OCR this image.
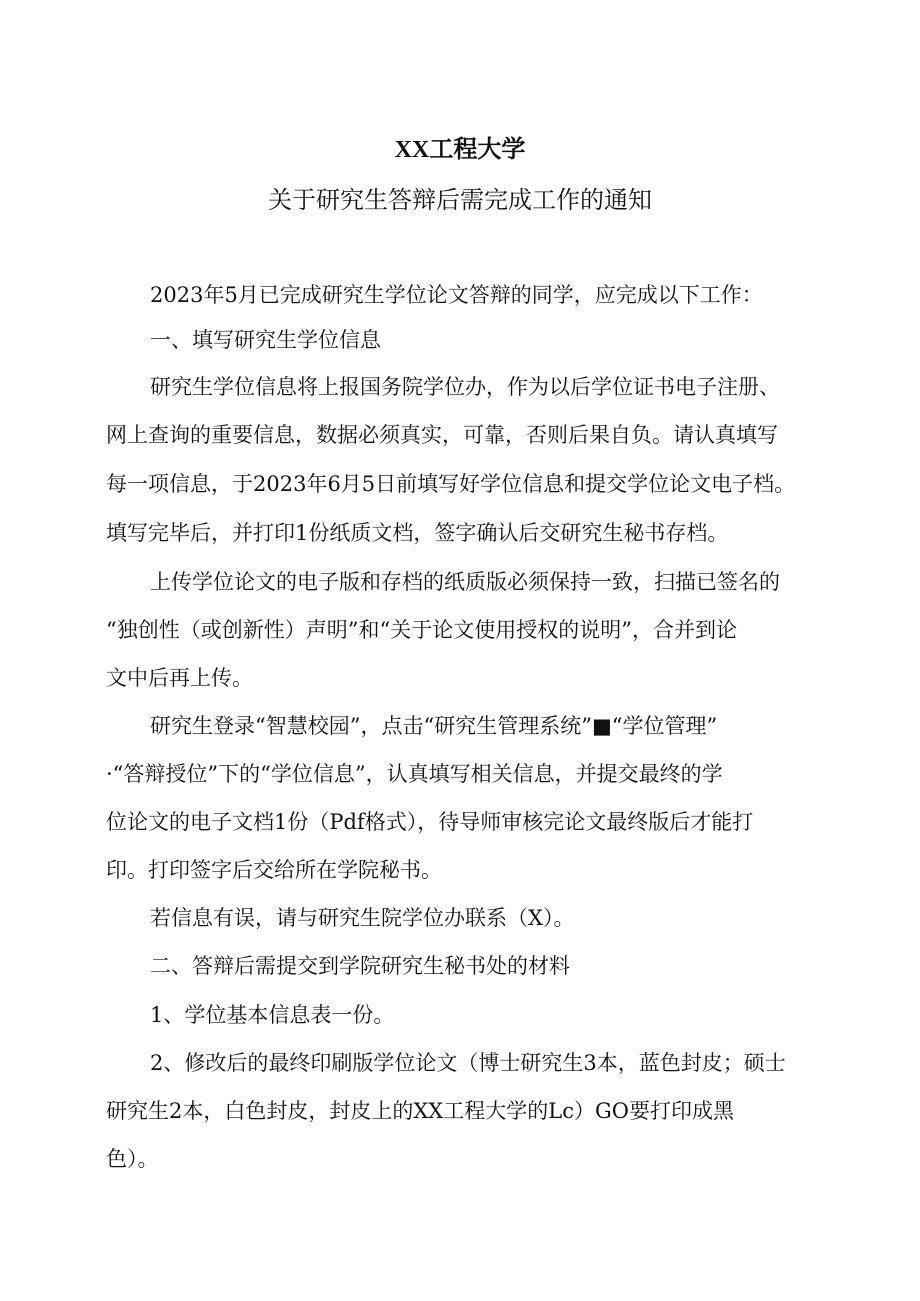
XX工程大学
关于研究生答辩后需完成工作的通知
2023年5月已完成研究生学位论文答辩的同学，应完成以下工作：
一、填写研究生学位信息
研究生学位信息将上报国务院学位办，作为以后学位证书电子注册、
网上查询的重要信息，数据必须真实，可靠，否则后果自负。请认真填写
每一项信息，于2023年6月5日前填写好学位信息和提交学位论文电子档。
填写完毕后，并打印1份纸质文档，签字确认后交研究生秘书存档。
上传学位论文的电子版和存档的纸质版必须保持一致，扫描已签名的
“独创性（或创新性）声明”和“关于论文使用授权的说明”，合并到论
文中后再上传。
研究生登录“智慧校园”，点击“研究生管理系统”■“学位管理”
·“答辩授位”下的“学位信息”，认真填写相关信息，并提交最终的学
位论文的电子文档1份（Pdf格式），待导师审核完论文最终版后才能打
印。打印签字后交给所在学院秘书。
若信息有误，请与研究生院学位办联系（X）。
二、答辩后需提交到学院研究生秘书处的材料
1、学位基本信息表一份。
2、修改后的最终印刷版学位论文（博士研究生3本，蓝色封皮；硕士
研究生2本，白色封皮，封皮上的XX工程大学的Lc）GO要打印成黑
色）。
